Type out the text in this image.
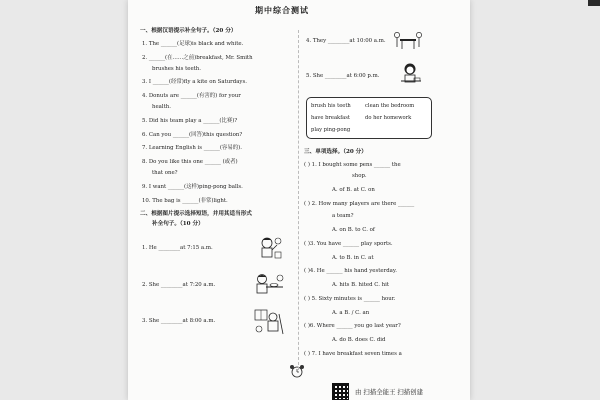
期中综合测试
一、根据汉语提示补全句子。（20 分）
1. The ______(足球)is black and white.
2. ______(在……之前)breakfast, Mr. Smith
brushes his teeth.
3. I ______(经常)fly a kite on Saturdays.
4. Donuts are ______(有害的) for your
health.
5. Did his team play a ______(比赛)?
6. Can you ______(回答)this question?
7. Learning English is ______(容易的).
8. Do you like this one ______ (或者)
that one?
9. I want ______(这样)ping-pong balls.
10. The bag is ______(非常)light.
二、根据图片提示选择短语，并用其适当形式
补全句子。（10 分）
1. He ________at 7:15 a.m.
2. She ________at 7:20 a.m.
3. She ________at 8:00 a.m.
4. They ________at 10:00 a.m.
5. She ________at 6:00 p.m.
brush his teeth	clean the bedroom
have breakfast	do her homework
play ping-pong
三、单项选择。（20 分）
( ) 1. I bought some pens ______ the
shop.
A. of B. at C. on
( ) 2. How many players are there ______
a team?
A. on B. to C. of
( )3. You have ______ play sports.
A. to B. in C. at
( )4. He ______ his hand yesterday.
A. hits B. hited C. hit
( ) 5. Sixty minutes is ______ hour.
A. a B. / C. an
( )6. Where ______ you go last year?
A. do B. does C. did
( ) 7. I have breakfast seven times a
由 扫描全能王 扫描创建
